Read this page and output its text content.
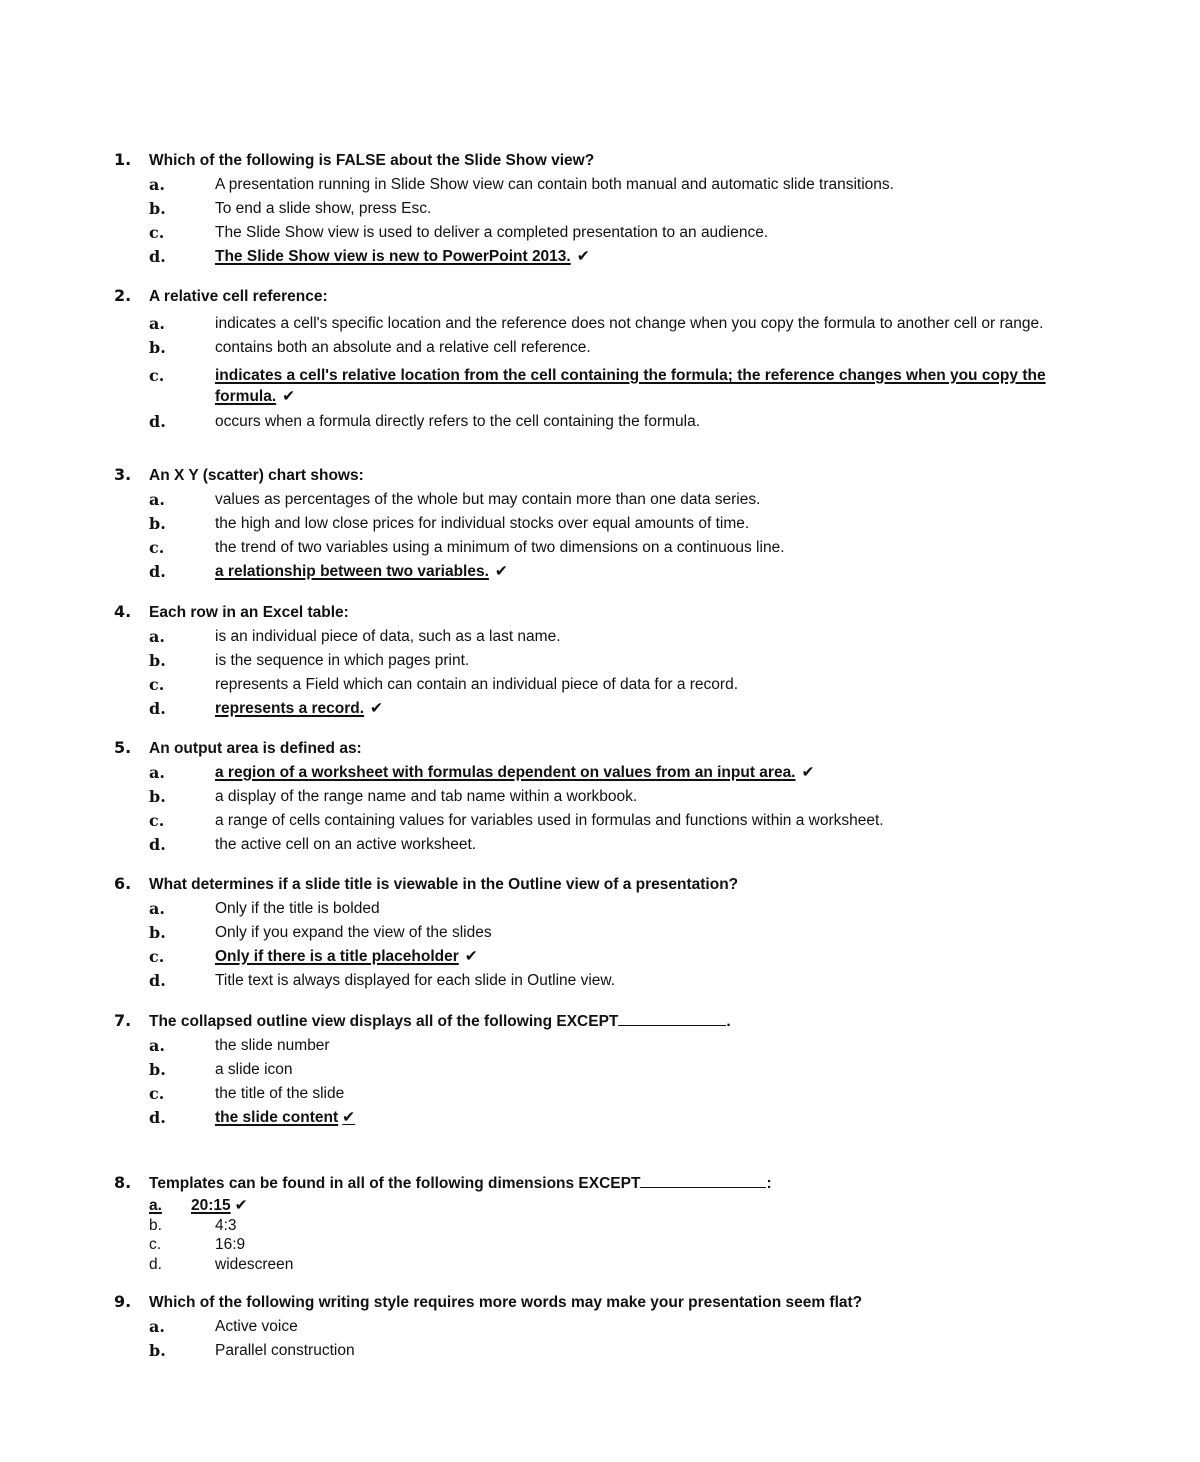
1.	Which of the following is FALSE about the Slide Show view?
a.	A presentation running in Slide Show view can contain both manual and automatic slide transitions.
b.	To end a slide show, press Esc.
c.	The Slide Show view is used to deliver a completed presentation to an audience.
d.	The Slide Show view is new to PowerPoint 2013. ✔
2.	A relative cell reference:
a.	indicates a cell's specific location and the reference does not change when you copy the formula to another cell or range.
b.	contains both an absolute and a relative cell reference.
c.	indicates a cell's relative location from the cell containing the formula; the reference changes when you copy the formula. ✔
d.	occurs when a formula directly refers to the cell containing the formula.
3.	An X Y (scatter) chart shows:
a.	values as percentages of the whole but may contain more than one data series.
b.	the high and low close prices for individual stocks over equal amounts of time.
c.	the trend of two variables using a minimum of two dimensions on a continuous line.
d.	a relationship between two variables. ✔
4.	Each row in an Excel table:
a.	is an individual piece of data, such as a last name.
b.	is the sequence in which pages print.
c.	represents a Field which can contain an individual piece of data for a record.
d.	represents a record. ✔
5.	An output area is defined as:
a.	a region of a worksheet with formulas dependent on values from an input area. ✔
b.	a display of the range name and tab name within a workbook.
c.	a range of cells containing values for variables used in formulas and functions within a worksheet.
d.	the active cell on an active worksheet.
6.	What determines if a slide title is viewable in the Outline view of a presentation?
a.	Only if the title is bolded
b.	Only if you expand the view of the slides
c.	Only if there is a title placeholder ✔
d.	Title text is always displayed for each slide in Outline view.
7.	The collapsed outline view displays all of the following EXCEPT	.
a.	the slide number
b.	a slide icon
c.	the title of the slide
d.	the slide content ✔
8.	Templates can be found in all of the following dimensions EXCEPT	:
a.	20:15 ✔
b.	4:3
c.	16:9
d.	widescreen
9.	Which of the following writing style requires more words may make your presentation seem flat?
a.	Active voice
b.	Parallel construction
